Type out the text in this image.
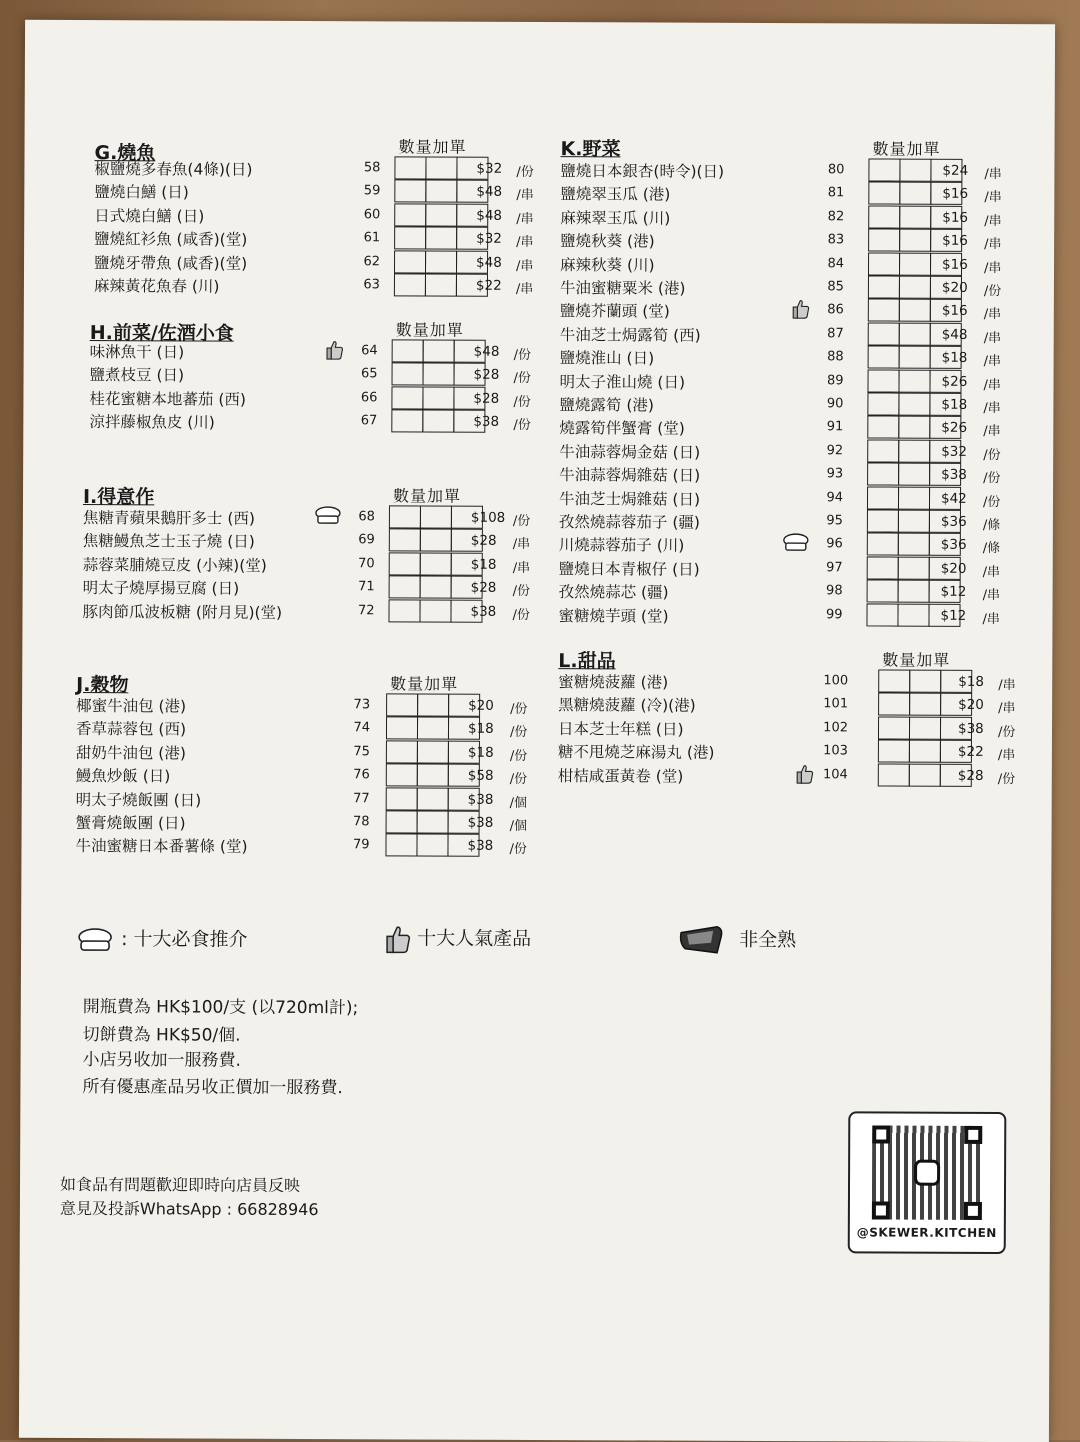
G.燒魚	數量加單
椒鹽燒多春魚(4條)(日)	58	$32 /份
鹽燒白鱔 (日)	59	$48 /串
日式燒白鱔 (日)	60	$48 /串
鹽燒紅衫魚 (咸香)(堂)	61	$32 /串
鹽燒牙帶魚 (咸香)(堂)	62	$48 /串
麻辣黃花魚春 (川)	63	$22 /串
H.前菜/佐酒小食	數量加單
味淋魚干 (日)	64	$48 /份
鹽煮枝豆 (日)	65	$28 /份
桂花蜜糖本地蕃茄 (西)	66	$28 /份
涼拌藤椒魚皮 (川)	67	$38 /份
I.得意作	數量加單
焦糖青蘋果鵝肝多士 (西)	68	$108 /份
焦糖鰻魚芝士玉子燒 (日)	69	$28 /串
蒜蓉菜脯燒豆皮 (小辣)(堂)	70	$18 /串
明太子燒厚揚豆腐 (日)	71	$28 /份
豚肉節瓜波板糖 (附月見)(堂)	72	$38 /份
J.穀物	數量加單
椰蜜牛油包 (港)	73	$20 /份
香草蒜蓉包 (西)	74	$18 /份
甜奶牛油包 (港)	75	$18 /份
鰻魚炒飯 (日)	76	$58 /份
明太子燒飯團 (日)	77	$38 /個
蟹膏燒飯團 (日)	78	$38 /個
牛油蜜糖日本番薯條 (堂)	79	$38 /份
K.野菜	數量加單
鹽燒日本銀杏(時令)(日)	80	$24 /串
鹽燒翠玉瓜 (港)	81	$16 /串
麻辣翠玉瓜 (川)	82	$16 /串
鹽燒秋葵 (港)	83	$16 /串
麻辣秋葵 (川)	84	$16 /串
牛油蜜糖粟米 (港)	85	$20 /份
鹽燒芥蘭頭 (堂)	86	$16 /串
牛油芝士焗露筍 (西)	87	$48 /串
鹽燒淮山 (日)	88	$18 /串
明太子淮山燒 (日)	89	$26 /串
鹽燒露筍 (港)	90	$18 /串
燒露筍伴蟹膏 (堂)	91	$26 /串
牛油蒜蓉焗金菇 (日)	92	$32 /份
牛油蒜蓉焗雜菇 (日)	93	$38 /份
牛油芝士焗雜菇 (日)	94	$42 /份
孜然燒蒜蓉茄子 (疆)	95	$36 /條
川燒蒜蓉茄子 (川)	96	$36 /條
鹽燒日本青椒仔 (日)	97	$20 /串
孜然燒蒜芯 (疆)	98	$12 /串
蜜糖燒芋頭 (堂)	99	$12 /串
L.甜品	數量加單
蜜糖燒菠蘿 (港)	100	$18 /串
黑糖燒菠蘿 (冷)(港)	101	$20 /串
日本芝士年糕 (日)	102	$38 /份
糖不甩燒芝麻湯丸 (港)	103	$22 /串
柑桔咸蛋黃卷 (堂)	104	$28 /份
: 十大必食推介	十大人氣產品	非全熟
開瓶費為 HK$100/支 (以720ml計);
切餅費為 HK$50/個.
小店另收加一服務費.
所有優惠產品另收正價加一服務費.
如食品有問題歡迎即時向店員反映
意見及投訴WhatsApp : 66828946
@SKEWER.KITCHEN
